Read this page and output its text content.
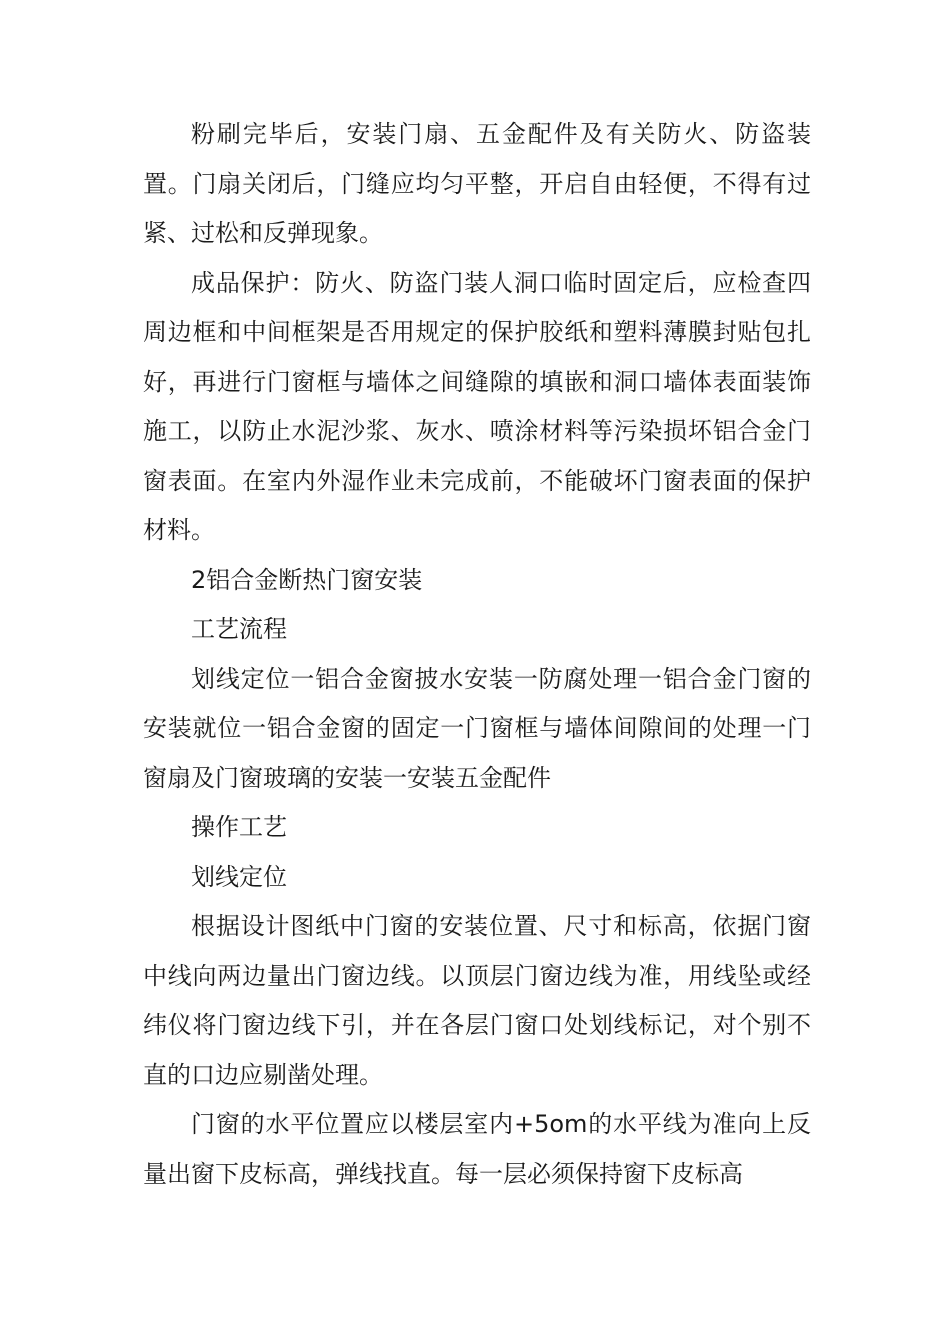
粉刷完毕后，安装门扇、五金配件及有关防火、防盗装置。门扇关闭后，门缝应均匀平整，开启自由轻便，不得有过紧、过松和反弹现象。

成品保护：防火、防盗门装人洞口临时固定后，应检查四周边框和中间框架是否用规定的保护胶纸和塑料薄膜封贴包扎好，再进行门窗框与墙体之间缝隙的填嵌和洞口墙体表面装饰施工，以防止水泥沙浆、灰水、喷涂材料等污染损坏铝合金门窗表面。在室内外湿作业未完成前，不能破坏门窗表面的保护材料。

2铝合金断热门窗安装

工艺流程

划线定位一铝合金窗披水安装一防腐处理一铝合金门窗的安装就位一铝合金窗的固定一门窗框与墙体间隙间的处理一门窗扇及门窗玻璃的安装一安装五金配件

操作工艺

划线定位

根据设计图纸中门窗的安装位置、尺寸和标高，依据门窗中线向两边量出门窗边线。以顶层门窗边线为准，用线坠或经纬仪将门窗边线下引，并在各层门窗口处划线标记，对个别不直的口边应剔凿处理。

门窗的水平位置应以楼层室内+5om的水平线为准向上反量出窗下皮标高，弹线找直。每一层必须保持窗下皮标高
